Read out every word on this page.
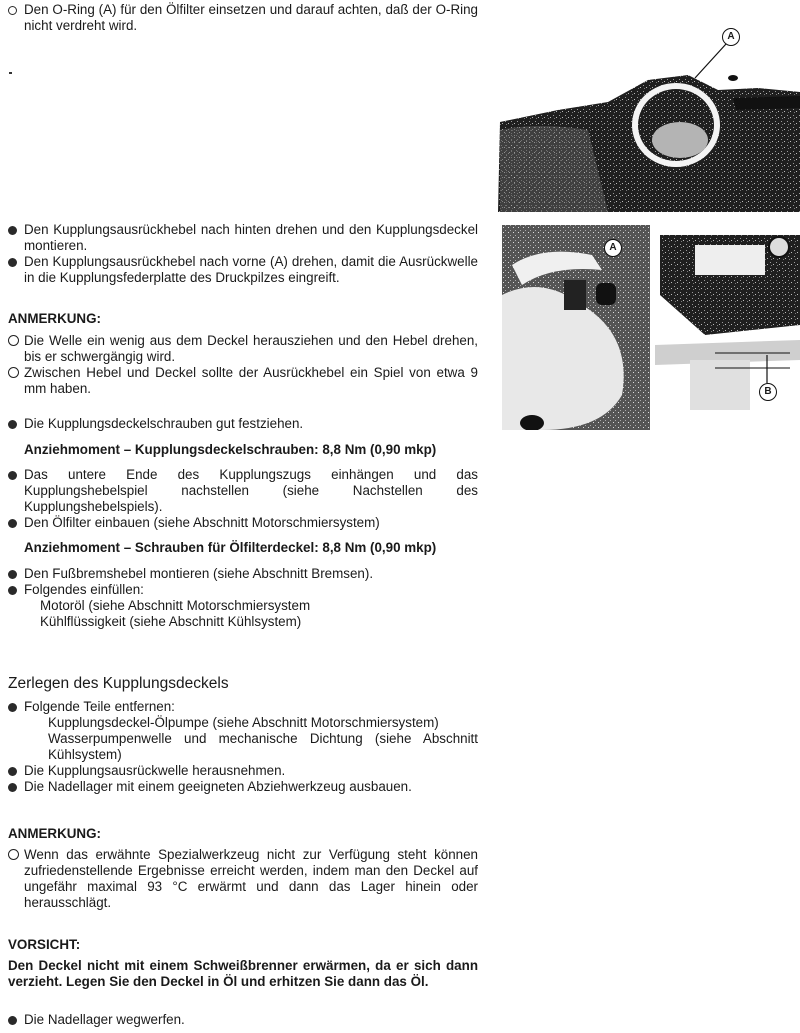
Den O-Ring (A) für den Ölfilter einsetzen und darauf achten, daß der O-Ring nicht verdreht wird.
A
Den Kupplungsausrückhebel nach hinten drehen und den Kupplungsdeckel montieren.
Den Kupplungsausrückhebel nach vorne (A) drehen, damit die Ausrückwelle in die Kupplungsfederplatte des Druckpilzes eingreift.
ANMERKUNG:
Die Welle ein wenig aus dem Deckel herausziehen und den Hebel drehen, bis er schwergängig wird.
Zwischen Hebel und Deckel sollte der Ausrückhebel ein Spiel von etwa 9 mm haben.
Die Kupplungsdeckelschrauben gut festziehen.
Anziehmoment – Kupplungsdeckelschrauben: 8,8 Nm (0,90 mkp)
Das untere Ende des Kupplungszugs einhängen und das Kupplungshebelspiel nachstellen (siehe Nachstellen des Kupplungshebelspiels).
Den Ölfilter einbauen (siehe Abschnitt Motorschmiersystem)
Anziehmoment – Schrauben für Ölfilterdeckel: 8,8 Nm (0,90 mkp)
Den Fußbremshebel montieren (siehe Abschnitt Bremsen).
Folgendes einfüllen:
Motoröl (siehe Abschnitt Motorschmiersystem
Kühlflüssigkeit (siehe Abschnitt Kühlsystem)
A
B
Zerlegen des Kupplungsdeckels
Folgende Teile entfernen:
Kupplungsdeckel-Ölpumpe (siehe Abschnitt Motorschmiersystem)
Wasserpumpenwelle und mechanische Dichtung (siehe Abschnitt Kühlsystem)
Die Kupplungsausrückwelle herausnehmen.
Die Nadellager mit einem geeigneten Abziehwerkzeug ausbauen.
ANMERKUNG:
Wenn das erwähnte Spezialwerkzeug nicht zur Verfügung steht können zufriedenstellende Ergebnisse erreicht werden, indem man den Deckel auf ungefähr maximal 93 °C erwärmt und dann das Lager hinein oder herausschlägt.
VORSICHT:
Den Deckel nicht mit einem Schweißbrenner erwärmen, da er sich dann verzieht. Legen Sie den Deckel in Öl und erhitzen Sie dann das Öl.
Die Nadellager wegwerfen.
